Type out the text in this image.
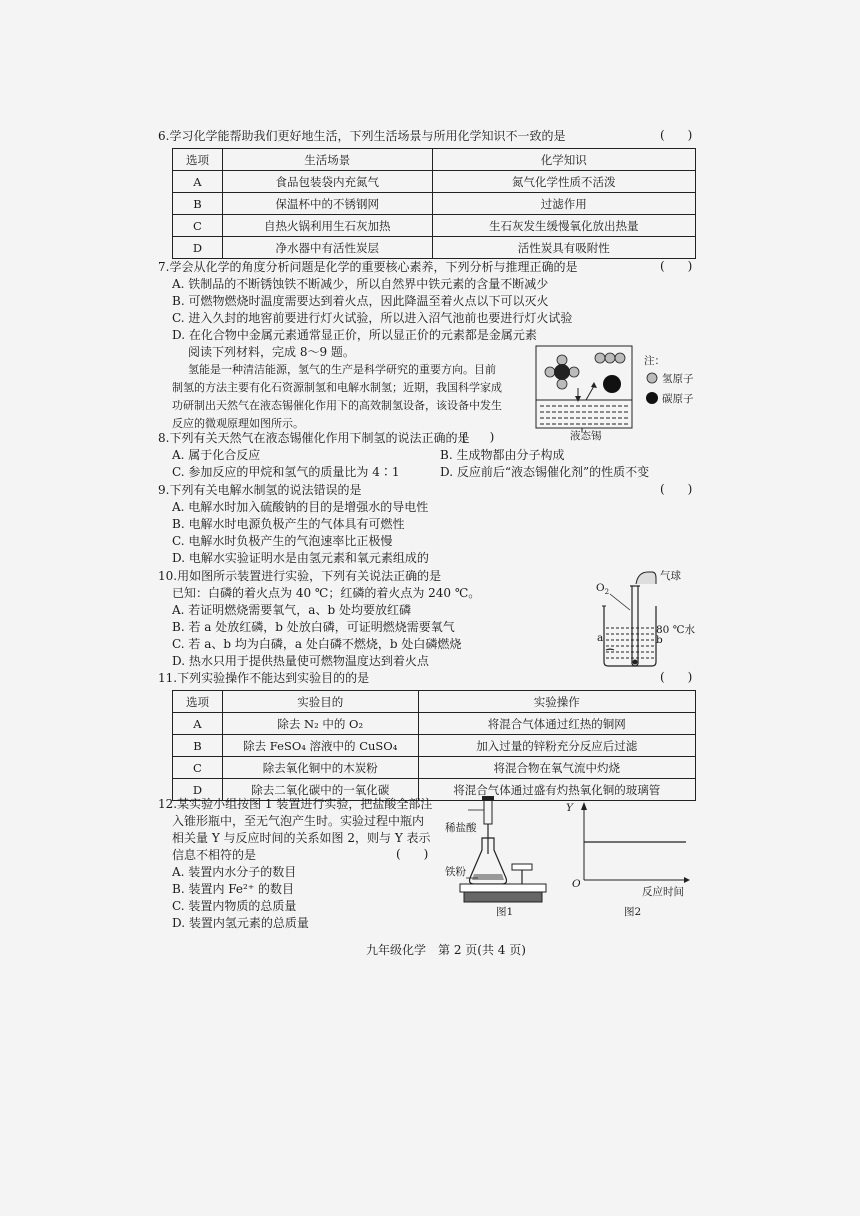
6.学习化学能帮助我们更好地生活，下列生活场景与所用化学知识不一致的是	(      )
选项	生活场景	化学知识
A	食品包装袋内充氮气	氮气化学性质不活泼
B	保温杯中的不锈钢网	过滤作用
C	自热火锅利用生石灰加热	生石灰发生缓慢氧化放出热量
D	净水器中有活性炭层	活性炭具有吸附性
7.学会从化学的角度分析问题是化学的重要核心素养，下列分析与推理正确的是	(      )
A. 铁制品的不断锈蚀铁不断减少，所以自然界中铁元素的含量不断减少
B. 可燃物燃烧时温度需要达到着火点，因此降温至着火点以下可以灭火
C. 进入久封的地窖前要进行灯火试验，所以进入沼气池前也要进行灯火试验
D. 在化合物中金属元素通常显正价，所以显正价的元素都是金属元素
阅读下列材料，完成 8～9 题。
氢能是一种清洁能源，氢气的生产是科学研究的重要方向。目前
制氢的方法主要有化石资源制氢和电解水制氢；近期，我国科学家成
功研制出天然气在液态锡催化作用下的高效制氢设备，该设备中发生
反应的微观原理如图所示。
注：
氢原子
碳原子
液态锡
8.下列有关天然气在液态锡催化作用下制氢的说法正确的是
(      )
A. 属于化合反应	B. 生成物都由分子构成
C. 参加反应的甲烷和氢气的质量比为 4∶1	D. 反应前后“液态锡催化剂”的性质不变
9.下列有关电解水制氢的说法错误的是	(      )
A. 电解水时加入硫酸钠的目的是增强水的导电性
B. 电解水时电源负极产生的气体具有可燃性
C. 电解水时负极产生的气泡速率比正极慢
D. 电解水实验证明水是由氢元素和氧元素组成的
10.用如图所示装置进行实验，下列有关说法正确的是
已知：白磷的着火点为 40 ℃；红磷的着火点为 240 ℃。
A. 若证明燃烧需要氧气，a、b 处均要放红磷
B. 若 a 处放红磷，b 处放白磷，可证明燃烧需要氧气
C. 若 a、b 均为白磷，a 处白磷不燃烧，b 处白磷燃烧
D. 热水只用于提供热量使可燃物温度达到着火点
$O_2$
气球
80 ℃水
a	b
11.下列实验操作不能达到实验目的的是	(      )
选项	实验目的	实验操作
A	除去 N₂ 中的 O₂	将混合气体通过红热的铜网
B	除去 FeSO₄ 溶液中的 CuSO₄	加入过量的锌粉充分反应后过滤
C	除去氧化铜中的木炭粉	将混合物在氧气流中灼烧
D	除去二氧化碳中的一氧化碳	将混合气体通过盛有灼热氧化铜的玻璃管
12.某实验小组按图 1 装置进行实验，把盐酸全部注
入锥形瓶中，至无气泡产生时。实验过程中瓶内
相关量 Y 与反应时间的关系如图 2，则与 Y 表示
信息不相符的是	(      )
A. 装置内水分子的数目
B. 装置内 Fe²⁺ 的数目
C. 装置内物质的总质量
D. 装置内氢元素的总质量
稀盐酸
铁粉
图1
Y
O
反应时间
图2
九年级化学　第 2 页(共 4 页)
